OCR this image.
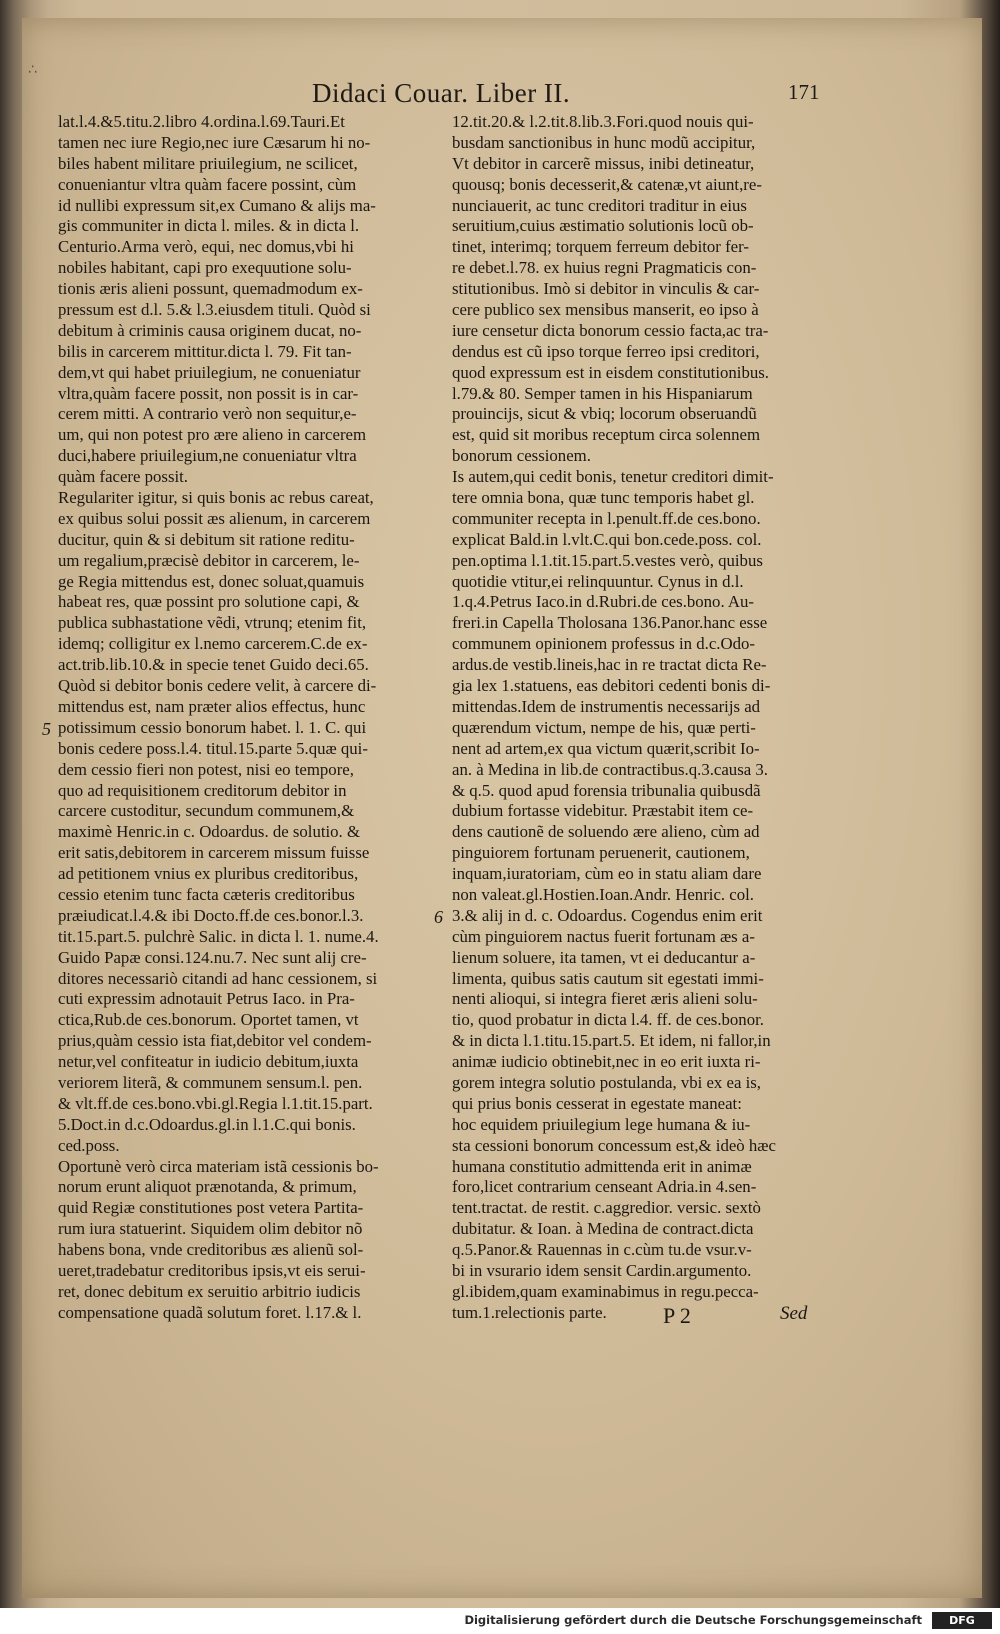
∴
Didaci Couar. Liber II.	171
lat.l.4.&5.titu.2.libro 4.ordina.l.69.Tauri.Et
tamen nec iure Regio,nec iure Cæsarum hi no-
biles habent militare priuilegium, ne scilicet,
conueniantur vltra quàm facere possint, cùm
id nullibi expressum sit,ex Cumano & alijs ma-
gis communiter in dicta l. miles. & in dicta l.
Centurio.Arma verò, equi, nec domus,vbi hi
nobiles habitant, capi pro exequutione solu-
tionis æris alieni possunt, quemadmodum ex-
pressum est d.l. 5.& l.3.eiusdem tituli. Quòd si
debitum à criminis causa originem ducat, no-
bilis in carcerem mittitur.dicta l. 79. Fit tan-
dem,vt qui habet priuilegium, ne conueniatur
vltra,quàm facere possit, non possit is in car-
cerem mitti. A contrario verò non sequitur,e-
um, qui non potest pro ære alieno in carcerem
duci,habere priuilegium,ne conueniatur vltra
quàm facere possit.
Regulariter igitur, si quis bonis ac rebus careat,
ex quibus solui possit æs alienum, in carcerem
ducitur, quin & si debitum sit ratione reditu-
um regalium,præcisè debitor in carcerem, le-
ge Regia mittendus est, donec soluat,quamuis
habeat res, quæ possint pro solutione capi, &
publica subhastatione vẽdi, vtrunq; etenim fit,
idemq; colligitur ex l.nemo carcerem.C.de ex-
act.trib.lib.10.& in specie tenet Guido deci.65.
Quòd si debitor bonis cedere velit, à carcere di-
mittendus est, nam præter alios effectus, hunc
potissimum cessio bonorum habet. l. 1. C. qui
bonis cedere poss.l.4. titul.15.parte 5.quæ qui-
dem cessio fieri non potest, nisi eo tempore,
quo ad requisitionem creditorum debitor in
carcere custoditur, secundum communem,&
maximè Henric.in c. Odoardus. de solutio. &
erit satis,debitorem in carcerem missum fuisse
ad petitionem vnius ex pluribus creditoribus,
cessio etenim tunc facta cæteris creditoribus
præiudicat.l.4.& ibi Docto.ff.de ces.bonor.l.3.
tit.15.part.5. pulchrè Salic. in dicta l. 1. nume.4.
Guido Papæ consi.124.nu.7. Nec sunt alij cre-
ditores necessariò citandi ad hanc cessionem, si
cuti expressim adnotauit Petrus Iaco. in Pra-
ctica,Rub.de ces.bonorum. Oportet tamen, vt
prius,quàm cessio ista fiat,debitor vel condem-
netur,vel confiteatur in iudicio debitum,iuxta
veriorem literã, & communem sensum.l. pen.
& vlt.ff.de ces.bono.vbi.gl.Regia l.1.tit.15.part.
5.Doct.in d.c.Odoardus.gl.in l.1.C.qui bonis.
ced.poss.
Oportunè verò circa materiam istã cessionis bo-
norum erunt aliquot prænotanda, & primum,
quid Regiæ constitutiones post vetera Partita-
rum iura statuerint. Siquidem olim debitor nõ
habens bona, vnde creditoribus æs alienũ sol-
ueret,tradebatur creditoribus ipsis,vt eis serui-
ret, donec debitum ex seruitio arbitrio iudicis
compensatione quadã solutum foret. l.17.& l.
12.tit.20.& l.2.tit.8.lib.3.Fori.quod nouis qui-
busdam sanctionibus in hunc modũ accipitur,
Vt debitor in carcerẽ missus, inibi detineatur,
quousq; bonis decesserit,& catenæ,vt aiunt,re-
nunciauerit, ac tunc creditori traditur in eius
seruitium,cuius æstimatio solutionis locũ ob-
tinet, interimq; torquem ferreum debitor fer-
re debet.l.78. ex huius regni Pragmaticis con-
stitutionibus. Imò si debitor in vinculis & car-
cere publico sex mensibus manserit, eo ipso à
iure censetur dicta bonorum cessio facta,ac tra-
dendus est cũ ipso torque ferreo ipsi creditori,
quod expressum est in eisdem constitutionibus.
l.79.& 80. Semper tamen in his Hispaniarum
prouincijs, sicut & vbiq; locorum obseruandũ
est, quid sit moribus receptum circa solennem
bonorum cessionem.
Is autem,qui cedit bonis, tenetur creditori dimit-
tere omnia bona, quæ tunc temporis habet gl.
communiter recepta in l.penult.ff.de ces.bono.
explicat Bald.in l.vlt.C.qui bon.cede.poss. col.
pen.optima l.1.tit.15.part.5.vestes verò, quibus
quotidie vtitur,ei relinquuntur. Cynus in d.l.
1.q.4.Petrus Iaco.in d.Rubri.de ces.bono. Au-
freri.in Capella Tholosana 136.Panor.hanc esse
communem opinionem professus in d.c.Odo-
ardus.de vestib.lineis,hac in re tractat dicta Re-
gia lex 1.statuens, eas debitori cedenti bonis di-
mittendas.Idem de instrumentis necessarijs ad
quærendum victum, nempe de his, quæ perti-
nent ad artem,ex qua victum quærit,scribit Io-
an. à Medina in lib.de contractibus.q.3.causa 3.
& q.5. quod apud forensia tribunalia quibusdã
dubium fortasse videbitur. Præstabit item ce-
dens cautionẽ de soluendo ære alieno, cùm ad
pinguiorem fortunam peruenerit, cautionem,
inquam,iuratoriam, cùm eo in statu aliam dare
non valeat.gl.Hostien.Ioan.Andr. Henric. col.
3.& alij in d. c. Odoardus. Cogendus enim erit
cùm pinguiorem nactus fuerit fortunam æs a-
lienum soluere, ita tamen, vt ei deducantur a-
limenta, quibus satis cautum sit egestati immi-
nenti alioqui, si integra fieret æris alieni solu-
tio, quod probatur in dicta l.4. ff. de ces.bonor.
& in dicta l.1.titu.15.part.5. Et idem, ni fallor,in
animæ iudicio obtinebit,nec in eo erit iuxta ri-
gorem integra solutio postulanda, vbi ex ea is,
qui prius bonis cesserat in egestate maneat:
hoc equidem priuilegium lege humana & iu-
sta cessioni bonorum concessum est,& ideò hæc
humana constitutio admittenda erit in animæ
foro,licet contrarium censeant Adria.in 4.sen-
tent.tractat. de restit. c.aggredior. versic. sextò
dubitatur. & Ioan. à Medina de contract.dicta
q.5.Panor.& Rauennas in c.cùm tu.de vsur.v-
bi in vsurario idem sensit Cardin.argumento.
gl.ibidem,quam examinabimus in regu.pecca-
tum.1.relectionis parte.
5
6
P 2	Sed
Digitalisierung gefördert durch die Deutsche Forschungsgemeinschaft	DFG
